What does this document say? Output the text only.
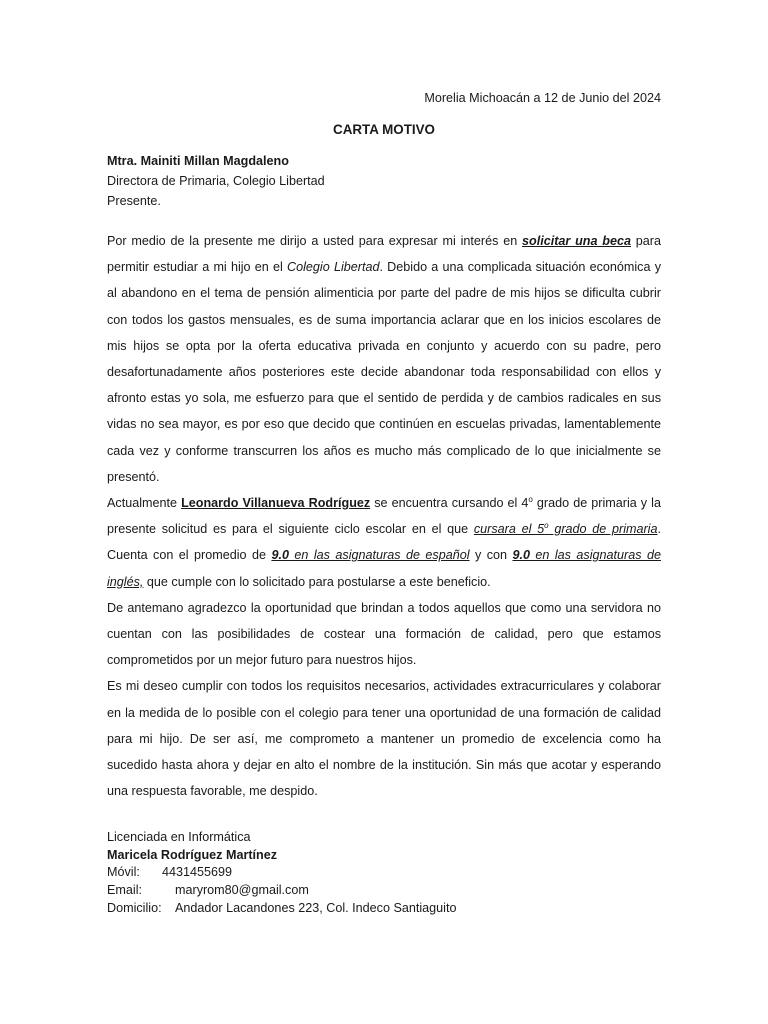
Morelia Michoacán a 12 de Junio del 2024
CARTA MOTIVO
Mtra. Mainiti Millan Magdaleno
Directora de Primaria, Colegio Libertad
Presente.

Por medio de la presente me dirijo a usted para expresar mi interés en solicitar una beca para permitir estudiar a mi hijo en el Colegio Libertad. Debido a una complicada situación económica y al abandono en el tema de pensión alimenticia por parte del padre de mis hijos se dificulta cubrir con todos los gastos mensuales, es de suma importancia aclarar que en los inicios escolares de mis hijos se opta por la oferta educativa privada en conjunto y acuerdo con su padre, pero desafortunadamente años posteriores este decide abandonar toda responsabilidad con ellos y afronto estas yo sola, me esfuerzo para que el sentido de perdida y de cambios radicales en sus vidas no sea mayor, es por eso que decido que continúen en escuelas privadas, lamentablemente cada vez y conforme transcurren los años es mucho más complicado de lo que inicialmente se presentó.

Actualmente Leonardo Villanueva Rodríguez se encuentra cursando el 4$^o$ grado de primaria y la presente solicitud es para el siguiente ciclo escolar en el que cursara el 5$^o$ grado de primaria. Cuenta con el promedio de 9.0 en las asignaturas de español y con 9.0 en las asignaturas de inglés, que cumple con lo solicitado para postularse a este beneficio.

De antemano agradezco la oportunidad que brindan a todos aquellos que como una servidora no cuentan con las posibilidades de costear una formación de calidad, pero que estamos comprometidos por un mejor futuro para nuestros hijos.

Es mi deseo cumplir con todos los requisitos necesarios, actividades extracurriculares y colaborar en la medida de lo posible con el colegio para tener una oportunidad de una formación de calidad para mi hijo. De ser así, me comprometo a mantener un promedio de excelencia como ha sucedido hasta ahora y dejar en alto el nombre de la institución. Sin más que acotar y esperando una respuesta favorable, me despido.

Licenciada en Informática
Maricela Rodríguez Martínez
Móvil: 4431455699
Email:	maryrom80@gmail.com
Domicilio: Andador Lacandones 223, Col. Indeco Santiaguito
